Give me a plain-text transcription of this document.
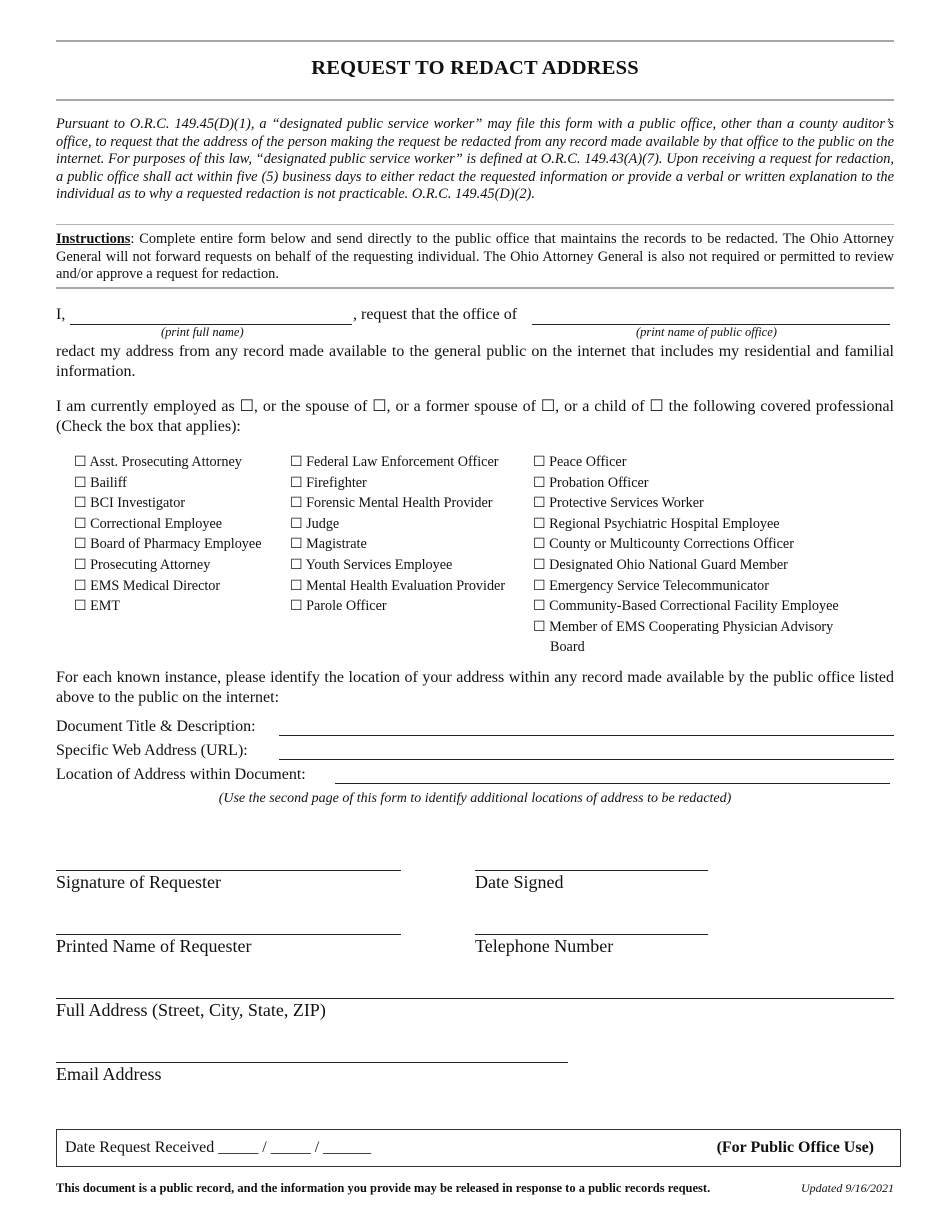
REQUEST TO REDACT ADDRESS
Pursuant to O.R.C. 149.45(D)(1), a “designated public service worker” may file this form with a public office, other than a county auditor’s office, to request that the address of the person making the request be redacted from any record made available by that office to the public on the internet. For purposes of this law, “designated public service worker” is defined at O.R.C. 149.43(A)(7). Upon receiving a request for redaction, a public office shall act within five (5) business days to either redact the requested information or provide a verbal or written explanation to the individual as to why a requested redaction is not practicable. O.R.C. 149.45(D)(2).
Instructions: Complete entire form below and send directly to the public office that maintains the records to be redacted. The Ohio Attorney General will not forward requests on behalf of the requesting individual. The Ohio Attorney General is also not required or permitted to review and/or approve a request for redaction.
I,	, request that the office of
(print full name)	(print name of public office)
redact my address from any record made available to the general public on the internet that includes my residential and familial information.
I am currently employed as ☐, or the spouse of ☐, or a former spouse of ☐, or a child of ☐ the following covered professional (Check the box that applies):
☐ Asst. Prosecuting Attorney
☐ Bailiff
☐ BCI Investigator
☐ Correctional Employee
☐ Board of Pharmacy Employee
☐ Prosecuting Attorney
☐ EMS Medical Director
☐ EMT
☐ Federal Law Enforcement Officer
☐ Firefighter
☐ Forensic Mental Health Provider
☐ Judge
☐ Magistrate
☐ Youth Services Employee
☐ Mental Health Evaluation Provider
☐ Parole Officer
☐ Peace Officer
☐ Probation Officer
☐ Protective Services Worker
☐ Regional Psychiatric Hospital Employee
☐ County or Multicounty Corrections Officer
☐ Designated Ohio National Guard Member
☐ Emergency Service Telecommunicator
☐ Community-Based Correctional Facility Employee
☐ Member of EMS Cooperating Physician Advisory Board
For each known instance, please identify the location of your address within any record made available by the public office listed above to the public on the internet:
Document Title & Description:
Specific Web Address (URL):
Location of Address within Document:
(Use the second page of this form to identify additional locations of address to be redacted)
Signature of Requester	Date Signed
Printed Name of Requester	Telephone Number
Full Address (Street, City, State, ZIP)
Email Address
Date Request Received _____ / _____ / ______	(For Public Office Use)
This document is a public record, and the information you provide may be released in response to a public records request.	Updated 9/16/2021
